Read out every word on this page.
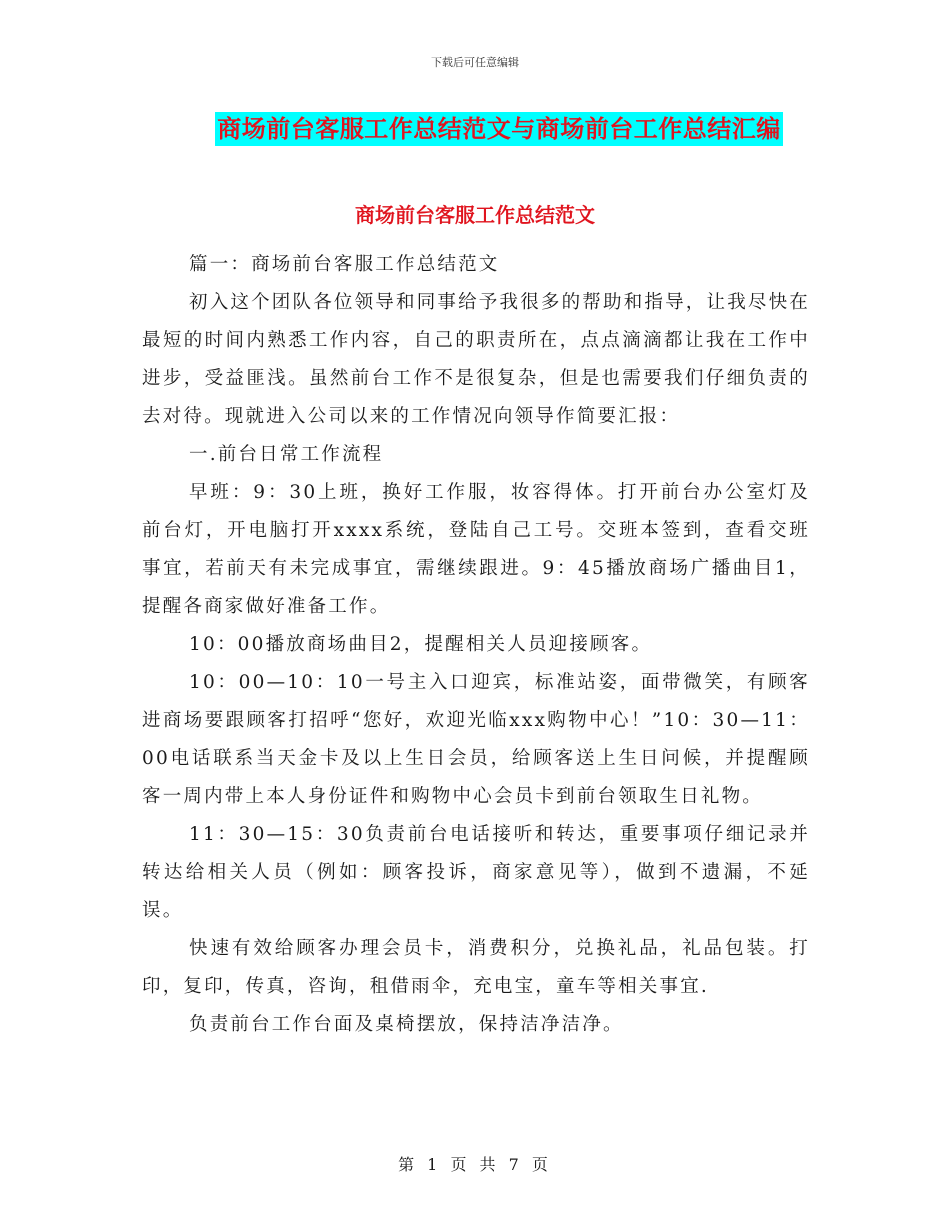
下载后可任意编辑
商场前台客服工作总结范文与商场前台工作总结汇编
商场前台客服工作总结范文

篇一：商场前台客服工作总结范文

初入这个团队各位领导和同事给予我很多的帮助和指导，让我尽快在最短的时间内熟悉工作内容，自己的职责所在，点点滴滴都让我在工作中进步，受益匪浅。虽然前台工作不是很复杂，但是也需要我们仔细负责的去对待。现就进入公司以来的工作情况向领导作简要汇报：

一.前台日常工作流程

早班：9：30上班，换好工作服，妆容得体。打开前台办公室灯及前台灯，开电脑打开xxxx系统，登陆自己工号。交班本签到，查看交班事宜，若前天有未完成事宜，需继续跟进。9：45播放商场广播曲目1，提醒各商家做好准备工作。

10：00播放商场曲目2，提醒相关人员迎接顾客。

10：00—10：10一号主入口迎宾，标准站姿，面带微笑，有顾客进商场要跟顾客打招呼“您好，欢迎光临xxx购物中心！”10：30—11：00电话联系当天金卡及以上生日会员，给顾客送上生日问候，并提醒顾客一周内带上本人身份证件和购物中心会员卡到前台领取生日礼物。

11：30—15：30负责前台电话接听和转达，重要事项仔细记录并转达给相关人员（例如：顾客投诉，商家意见等），做到不遗漏，不延误。

快速有效给顾客办理会员卡，消费积分，兑换礼品，礼品包装。打印，复印，传真，咨询，租借雨伞，充电宝，童车等相关事宜.

负责前台工作台面及桌椅摆放，保持洁净洁净。

第 1 页 共 7 页
